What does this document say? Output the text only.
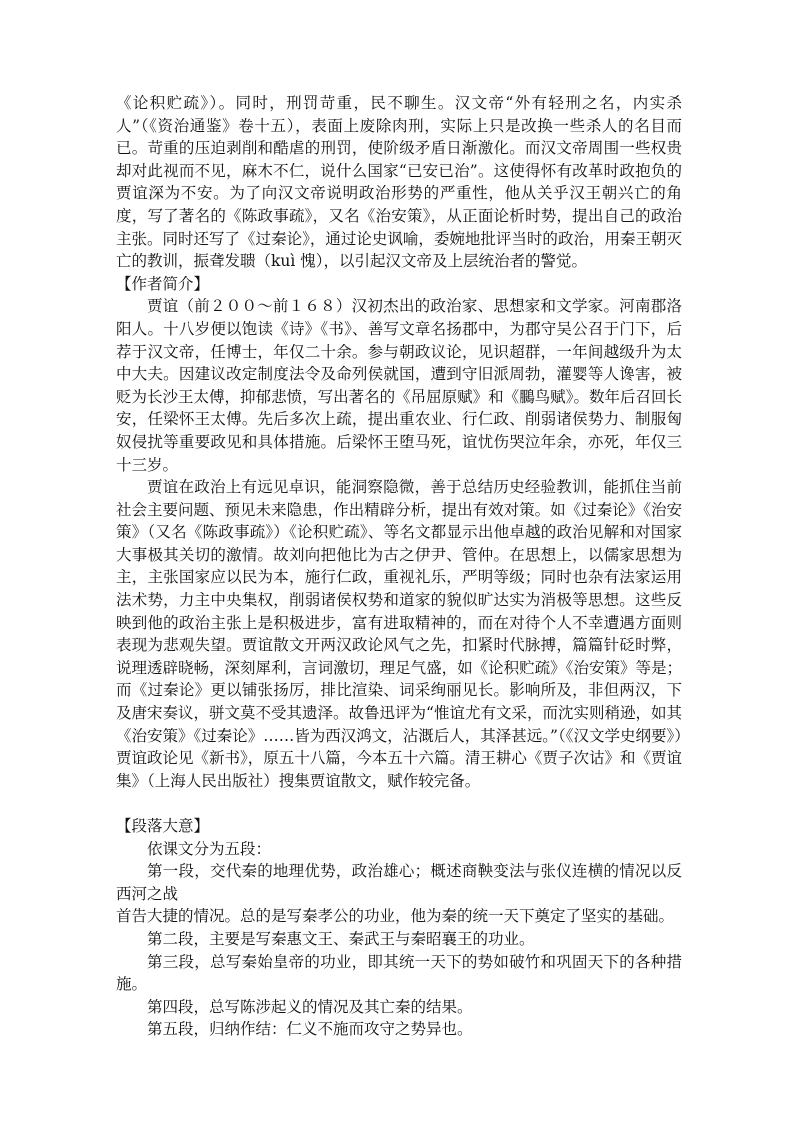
《论积贮疏》）。同时，刑罚苛重，民不聊生。汉文帝“外有轻刑之名，内实杀人”（《资治通鉴》卷十五），表面上废除肉刑，实际上只是改换一些杀人的名目而已。苛重的压迫剥削和酷虐的刑罚，使阶级矛盾日渐激化。而汉文帝周围一些权贵却对此视而不见，麻木不仁，说什么国家“已安已治”。这使得怀有改革时政抱负的贾谊深为不安。为了向汉文帝说明政治形势的严重性，他从关乎汉王朝兴亡的角度，写了著名的《陈政事疏》，又名《治安策》，从正面论析时势，提出自己的政治主张。同时还写了《过秦论》，通过论史讽喻，委婉地批评当时的政治，用秦王朝灭亡的教训，振聋发聩（kuì 愧），以引起汉文帝及上层统治者的警觉。

【作者简介】

贾谊（前２００～前１６８）汉初杰出的政治家、思想家和文学家。河南郡洛阳人。十八岁便以饱读《诗》《书》、善写文章名扬郡中，为郡守吴公召于门下，后荐于汉文帝，任博士，年仅二十余。参与朝政议论，见识超群，一年间越级升为太中大夫。因建议改定制度法令及命列侯就国，遭到守旧派周勃，灌婴等人谗害，被贬为长沙王太傅，抑郁悲愤，写出著名的《吊屈原赋》和《鵩鸟赋》。数年后召回长安，任梁怀王太傅。先后多次上疏，提出重农业、行仁政、削弱诸侯势力、制服匈奴侵扰等重要政见和具体措施。后梁怀王堕马死，谊忧伤哭泣年余，亦死，年仅三十三岁。

贾谊在政治上有远见卓识，能洞察隐微，善于总结历史经验教训，能抓住当前社会主要问题、预见未来隐患，作出精辟分析，提出有效对策。如《过秦论》《治安策》（又名《陈政事疏》）《论积贮疏》、等名文都显示出他卓越的政治见解和对国家大事极其关切的激情。故刘向把他比为古之伊尹、管仲。在思想上，以儒家思想为主，主张国家应以民为本，施行仁政，重视礼乐，严明等级；同时也杂有法家运用法术势，力主中央集权，削弱诸侯权势和道家的貌似旷达实为消极等思想。这些反映到他的政治主张上是积极进步，富有进取精神的，而在对待个人不幸遭遇方面则表现为悲观失望。贾谊散文开两汉政论风气之先，扣紧时代脉搏，篇篇针砭时弊，说理透辟晓畅，深刻犀利，言词激切，理足气盛，如《论积贮疏》《治安策》等是；而《过秦论》更以铺张扬厉，排比渲染、词采绚丽见长。影响所及，非但两汉，下及唐宋奏议，骈文莫不受其遗泽。故鲁迅评为“惟谊尤有文采，而沈实则稍逊，如其《治安策》《过秦论》……皆为西汉鸿文，沾溉后人，其泽甚远。”（《汉文学史纲要》）贾谊政论见《新书》，原五十八篇，今本五十六篇。清王耕心《贾子次诂》和《贾谊集》（上海人民出版社）搜集贾谊散文，赋作较完备。

【段落大意】

依课文分为五段：

第一段，交代秦的地理优势，政治雄心；概述商鞅变法与张仪连横的情况以反西河之战

首告大捷的情况。总的是写秦孝公的功业，他为秦的统一天下奠定了坚实的基础。

第二段，主要是写秦惠文王、秦武王与秦昭襄王的功业。

第三段，总写秦始皇帝的功业，即其统一天下的势如破竹和巩固天下的各种措施。

第四段，总写陈涉起义的情况及其亡秦的结果。

第五段，归纳作结：仁义不施而攻守之势异也。
